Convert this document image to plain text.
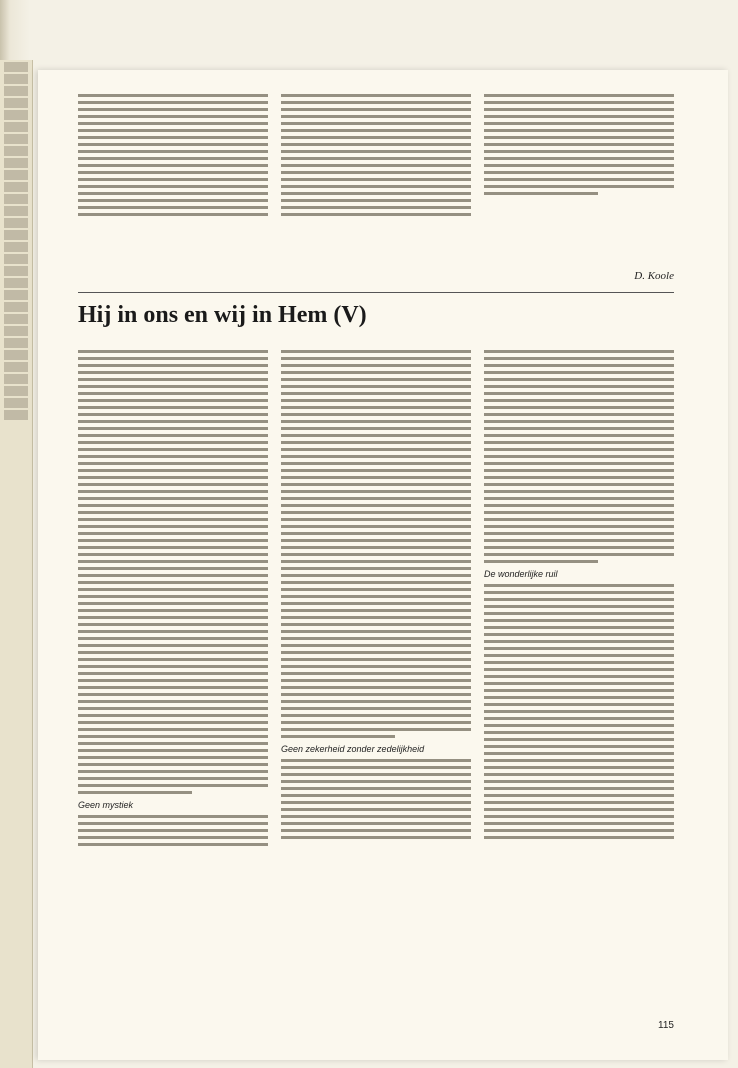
D. Koole
Hij in ons en wij in Hem (V)
Geen mystiek
Geen zekerheid zonder zedelijkheid
De wonderlijke ruil
115
